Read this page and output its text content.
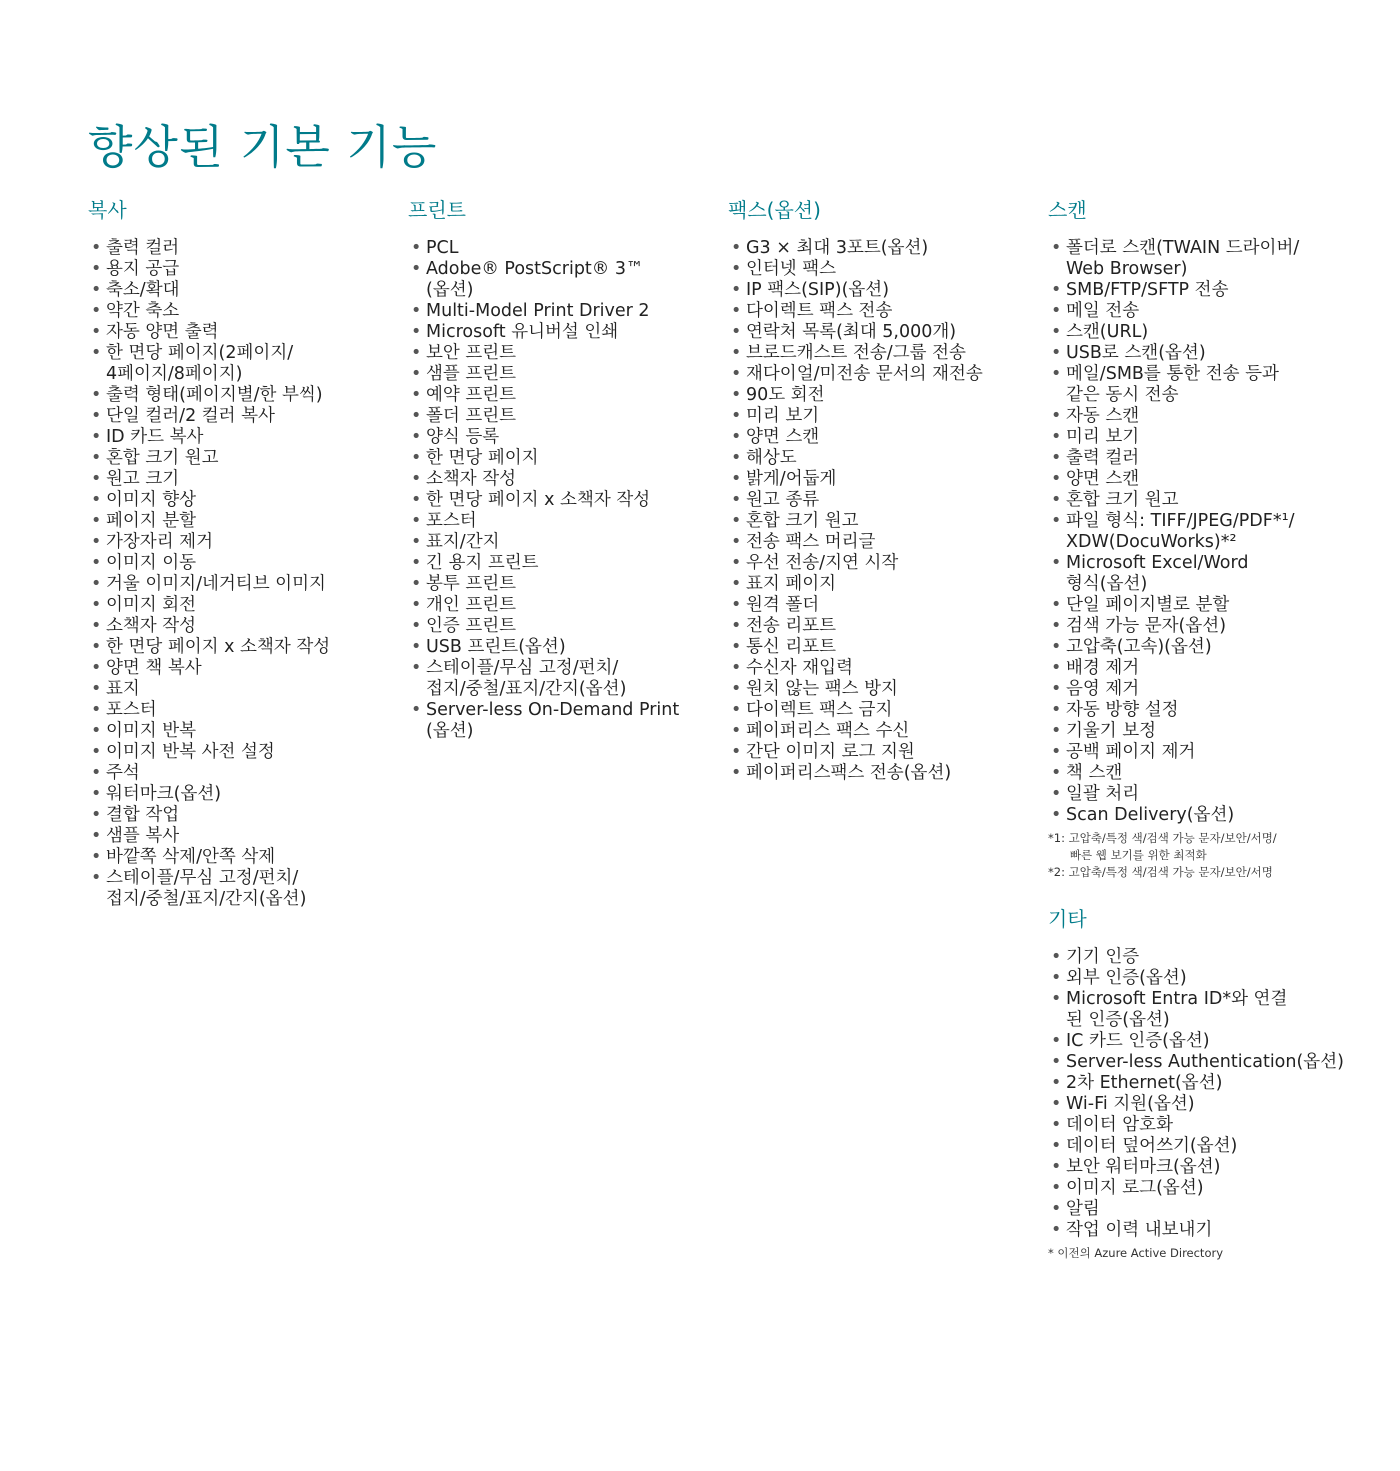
향상된 기본 기능
복사
• 출력 컬러
• 용지 공급
• 축소/확대
• 약간 축소
• 자동 양면 출력
• 한 면당 페이지(2페이지/
4페이지/8페이지)
• 출력 형태(페이지별/한 부씩)
• 단일 컬러/2 컬러 복사
• ID 카드 복사
• 혼합 크기 원고
• 원고 크기
• 이미지 향상
• 페이지 분할
• 가장자리 제거
• 이미지 이동
• 거울 이미지/네거티브 이미지
• 이미지 회전
• 소책자 작성
• 한 면당 페이지 x 소책자 작성
• 양면 책 복사
• 표지
• 포스터
• 이미지 반복
• 이미지 반복 사전 설정
• 주석
• 워터마크(옵션)
• 결합 작업
• 샘플 복사
• 바깥쪽 삭제/안쪽 삭제
• 스테이플/무심 고정/펀치/
접지/중철/표지/간지(옵션)
프린트
• PCL
• Adobe® PostScript® 3™
(옵션)
• Multi-Model Print Driver 2
• Microsoft 유니버설 인쇄
• 보안 프린트
• 샘플 프린트
• 예약 프린트
• 폴더 프린트
• 양식 등록
• 한 면당 페이지
• 소책자 작성
• 한 면당 페이지 x 소책자 작성
• 포스터
• 표지/간지
• 긴 용지 프린트
• 봉투 프린트
• 개인 프린트
• 인증 프린트
• USB 프린트(옵션)
• 스테이플/무심 고정/펀치/
접지/중철/표지/간지(옵션)
• Server-less On-Demand Print
(옵션)
팩스(옵션)
• G3 × 최대 3포트(옵션)
• 인터넷 팩스
• IP 팩스(SIP)(옵션)
• 다이렉트 팩스 전송
• 연락처 목록(최대 5,000개)
• 브로드캐스트 전송/그룹 전송
• 재다이얼/미전송 문서의 재전송
• 90도 회전
• 미리 보기
• 양면 스캔
• 해상도
• 밝게/어둡게
• 원고 종류
• 혼합 크기 원고
• 전송 팩스 머리글
• 우선 전송/지연 시작
• 표지 페이지
• 원격 폴더
• 전송 리포트
• 통신 리포트
• 수신자 재입력
• 원치 않는 팩스 방지
• 다이렉트 팩스 금지
• 페이퍼리스 팩스 수신
• 간단 이미지 로그 지원
• 페이퍼리스팩스 전송(옵션)
스캔
• 폴더로 스캔(TWAIN 드라이버/
Web Browser)
• SMB/FTP/SFTP 전송
• 메일 전송
• 스캔(URL)
• USB로 스캔(옵션)
• 메일/SMB를 통한 전송 등과
같은 동시 전송
• 자동 스캔
• 미리 보기
• 출력 컬러
• 양면 스캔
• 혼합 크기 원고
• 파일 형식: TIFF/JPEG/PDF*¹/
XDW(DocuWorks)*²
• Microsoft Excel/Word
형식(옵션)
• 단일 페이지별로 분할
• 검색 가능 문자(옵션)
• 고압축(고속)(옵션)
• 배경 제거
• 음영 제거
• 자동 방향 설정
• 기울기 보정
• 공백 페이지 제거
• 책 스캔
• 일괄 처리
• Scan Delivery(옵션)
*1: 고압축/특정 색/검색 가능 문자/보안/서명/
빠른 웹 보기를 위한 최적화
*2: 고압축/특정 색/검색 가능 문자/보안/서명
기타
• 기기 인증
• 외부 인증(옵션)
• Microsoft Entra ID*와 연결
된 인증(옵션)
• IC 카드 인증(옵션)
• Server-less Authentication(옵션)
• 2차 Ethernet(옵션)
• Wi-Fi 지원(옵션)
• 데이터 암호화
• 데이터 덮어쓰기(옵션)
• 보안 워터마크(옵션)
• 이미지 로그(옵션)
• 알림
• 작업 이력 내보내기
* 이전의 Azure Active Directory
